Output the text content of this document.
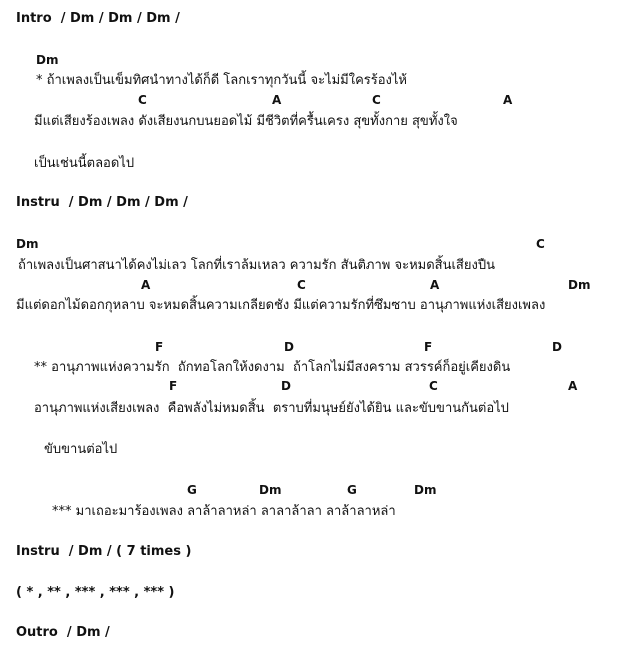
Intro  / Dm / Dm / Dm /
Dm
* ถ้าเพลงเป็นเข็มทิศนำทางได้ก็ดี โลกเราทุกวันนี้ จะไม่มีใครร้องไห้
C	A	C	A
มีแต่เสียงร้องเพลง ดังเสียงนกบนยอดไม้ มีชีวิตที่ครื้นเครง สุขทั้งกาย สุขทั้งใจ
เป็นเช่นนี้ตลอดไป
Instru  / Dm / Dm / Dm /
Dm	C
ถ้าเพลงเป็นศาสนาได้คงไม่เลว โลกที่เราล้มเหลว ความรัก สันติภาพ จะหมดสิ้นเสียงปืน
A	C	A	Dm
มีแต่ดอกไม้ดอกกุหลาบ จะหมดสิ้นความเกลียดชัง มีแต่ความรักที่ซึมซาบ อานุภาพแห่งเสียงเพลง
F	D	F	D
** อานุภาพแห่งความรัก  ถักทอโลกให้งดงาม  ถ้าโลกไม่มีสงคราม สวรรค์ก็อยู่เคียงดิน
F	D	C	A
อานุภาพแห่งเสียงเพลง  คือพลังไม่หมดสิ้น  ตราบที่มนุษย์ยังได้ยิน และขับขานกันต่อไป
ขับขานต่อไป
G	Dm	G	Dm
*** มาเถอะมาร้องเพลง ลาล้าลาหล่า ลาลาล้าลา ลาล้าลาหล่า
Instru  / Dm / ( 7 times )
( * , ** , *** , *** , *** )
Outro  / Dm /
